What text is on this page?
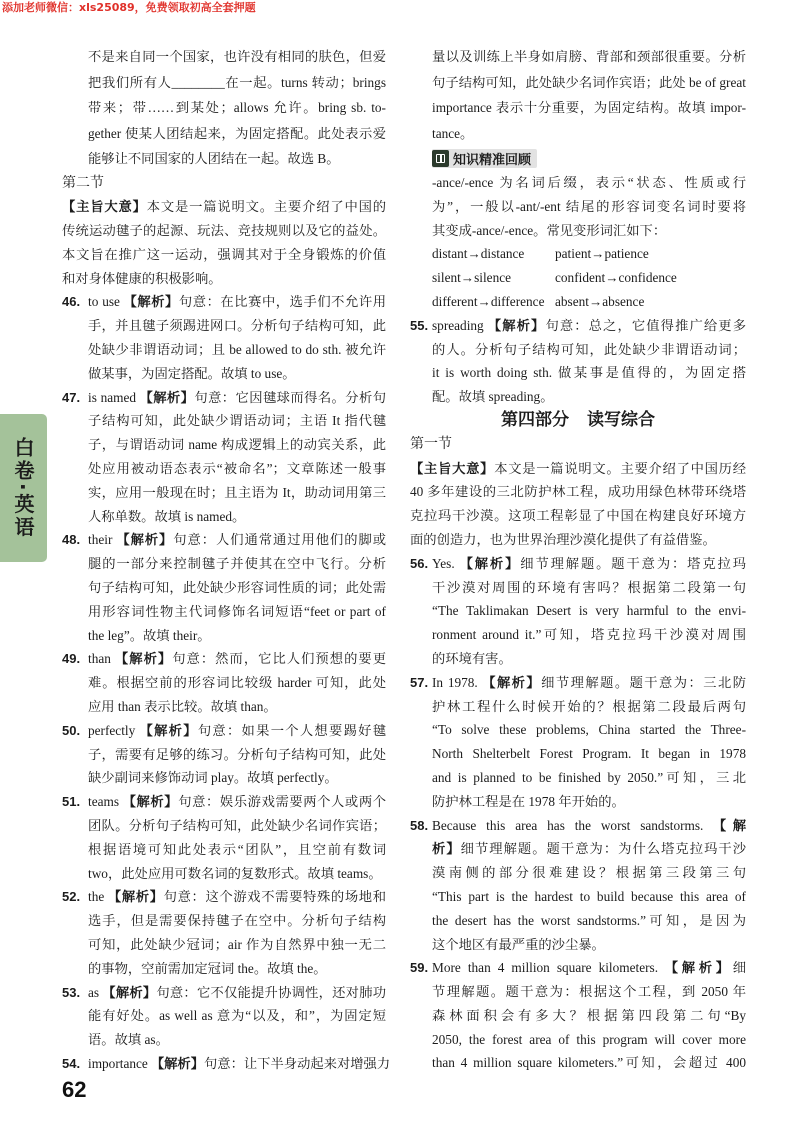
添加老师微信：xls25089，免费领取初高全套押题
白卷·英语
不是来自同一个国家，也许没有相同的肤色，但爱
把我们所有人________在一起。turns 转动；brings
带来；带……到某处；allows 允许。bring sb. to-
gether 使某人团结起来，为固定搭配。此处表示爱
能够让不同国家的人团结在一起。故选 B。
第二节
【主旨大意】本文是一篇说明文。主要介绍了中国的
传统运动毽子的起源、玩法、竞技规则以及它的益处。
本文旨在推广这一运动，强调其对于全身锻炼的价值
和对身体健康的积极影响。
46. to use 【解析】句意：在比赛中，选手们不允许用
手，并且毽子须踢进网口。分析句子结构可知，此
处缺少非谓语动词；且 be allowed to do sth. 被允许
做某事，为固定搭配。故填 to use。
47. is named 【解析】句意：它因毽球而得名。分析句
子结构可知，此处缺少谓语动词；主语 It 指代毽
子，与谓语动词 name 构成逻辑上的动宾关系，此
处应用被动语态表示“被命名”；文章陈述一般事
实，应用一般现在时；且主语为 It，助动词用第三
人称单数。故填 is named。
48. their 【解析】句意：人们通常通过用他们的脚或
腿的一部分来控制毽子并使其在空中飞行。分析
句子结构可知，此处缺少形容词性质的词；此处需
用形容词性物主代词修饰名词短语“feet or part of
the leg”。故填 their。
49. than 【解析】句意：然而，它比人们预想的要更
难。根据空前的形容词比较级 harder 可知，此处
应用 than 表示比较。故填 than。
50. perfectly 【解析】句意：如果一个人想要踢好毽
子，需要有足够的练习。分析句子结构可知，此处
缺少副词来修饰动词 play。故填 perfectly。
51. teams 【解析】句意：娱乐游戏需要两个人或两个
团队。分析句子结构可知，此处缺少名词作宾语；
根据语境可知此处表示“团队”，且空前有数词
two，此处应用可数名词的复数形式。故填 teams。
52. the 【解析】句意：这个游戏不需要特殊的场地和
选手，但是需要保持毽子在空中。分析句子结构
可知，此处缺少冠词；air 作为自然界中独一无二
的事物，空前需加定冠词 the。故填 the。
53. as 【解析】句意：它不仅能提升协调性，还对肺功
能有好处。as well as 意为“以及，和”，为固定短
语。故填 as。
54. importance 【解析】句意：让下半身动起来对增强力
量以及训练上半身如肩膀、背部和颈部很重要。分析
句子结构可知，此处缺少名词作宾语；此处 be of great
importance 表示十分重要，为固定结构。故填 impor-
tance。
知识精准回顾
-ance/-ence 为名词后缀，表示“状态、性质或行
为”，一般以-ant/-ent 结尾的形容词变名词时要将
其变成-ance/-ence。常见变形词汇如下：
distant→distance patient→patience
silent→silence	confident→confidence
different→difference absent→absence
55. spreading 【解析】句意：总之，它值得推广给更多
的人。分析句子结构可知，此处缺少非谓语动词；
it is worth doing sth. 做某事是值得的，为固定搭
配。故填 spreading。
第四部分 读写综合
第一节
【主旨大意】本文是一篇说明文。主要介绍了中国历经
40 多年建设的三北防护林工程，成功用绿色林带环绕塔
克拉玛干沙漠。这项工程彰显了中国在构建良好环境方
面的创造力，也为世界治理沙漠化提供了有益借鉴。
56. Yes. 【解析】细节理解题。题干意为：塔克拉玛
干沙漠对周围的环境有害吗？根据第二段第一句
“The Taklimakan Desert is very harmful to the envi-
ronment around it.”可知，塔克拉玛干沙漠对周围
的环境有害。
57. In 1978. 【解析】细节理解题。题干意为：三北防
护林工程什么时候开始的？根据第二段最后两句
“To solve these problems, China started the Three-
North Shelterbelt Forest Program. It began in 1978
and is planned to be finished by 2050.”可知，三北
防护林工程是在 1978 年开始的。
58. Because this area has the worst sandstorms. 【解
析】细节理解题。题干意为：为什么塔克拉玛干沙
漠南侧的部分很难建设？根据第三段第三句
“This part is the hardest to build because this area of
the desert has the worst sandstorms.”可知，是因为
这个地区有最严重的沙尘暴。
59. More than 4 million square kilometers. 【解析】细
节理解题。题干意为：根据这个工程，到 2050 年
森林面积会有多大？根据第四段第二句“By
2050, the forest area of this program will cover more
than 4 million square kilometers.”可知，会超过 400
62
